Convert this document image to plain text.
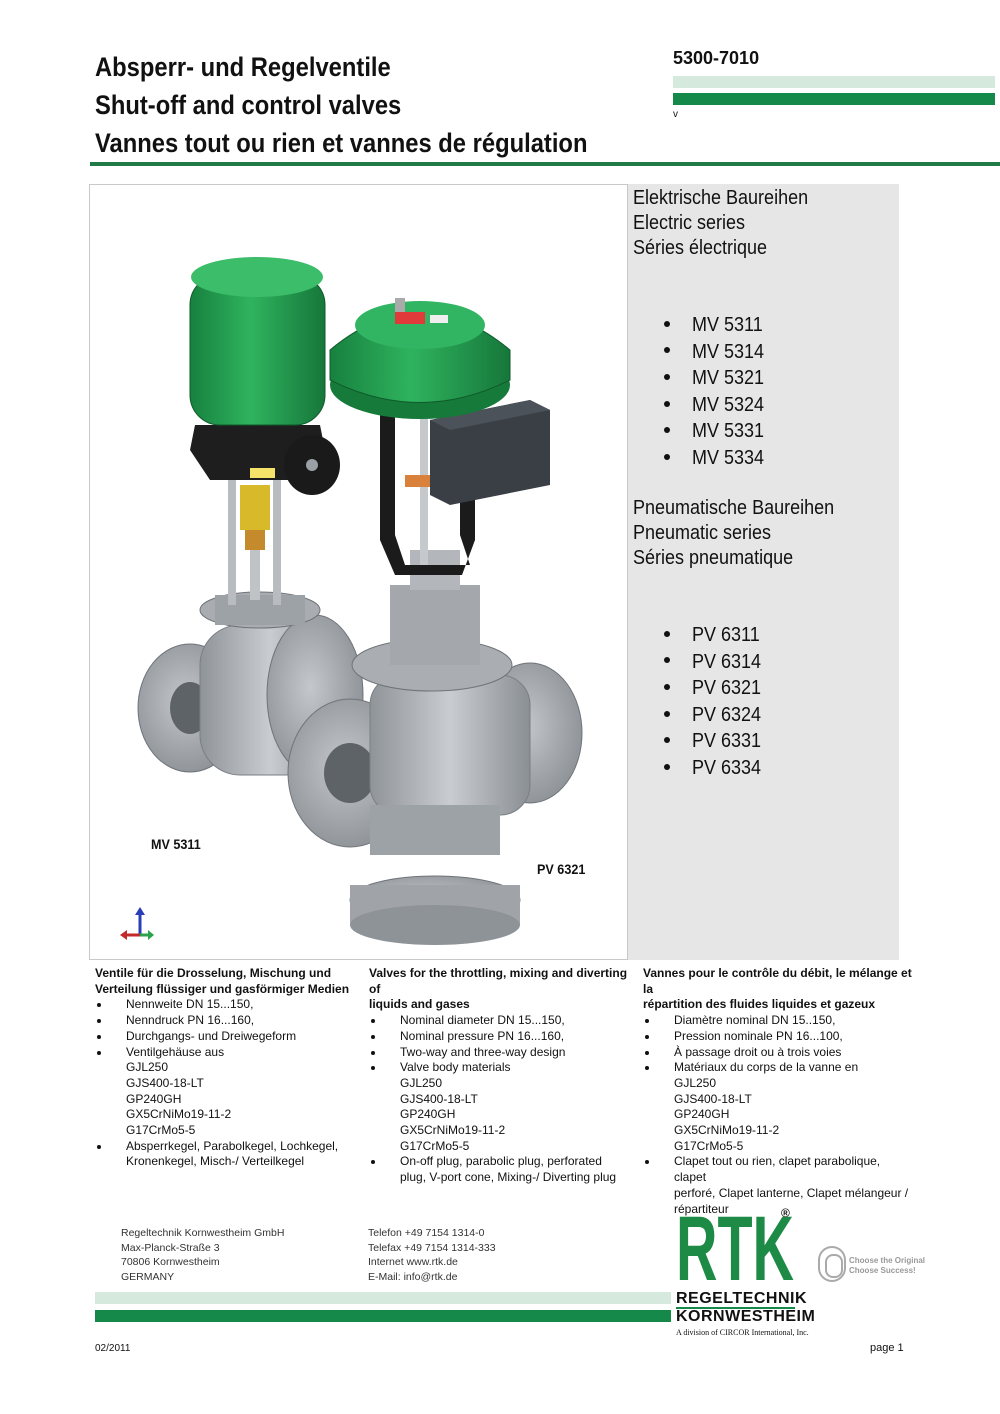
Absperr- und Regelventile
Shut-off and control valves
Vannes tout ou rien et vannes de régulation
5300-7010
v
MV 5311
PV 6321
Elektrische Baureihen
Electric series
Séries électrique
MV 5311
MV 5314
MV 5321
MV 5324
MV 5331
MV 5334
Pneumatische Baureihen
Pneumatic series
Séries pneumatique
PV 6311
PV 6314
PV 6321
PV 6324
PV 6331
PV 6334
Ventile für die Drosselung, Mischung und
Verteilung flüssiger und gasförmiger Medien
Nennweite DN 15...150,
Nenndruck PN 16...160,
Durchgangs- und Dreiwegeform
Ventilgehäuse aus
GJL250
GJS400-18-LT
GP240GH
GX5CrNiMo19-11-2
G17CrMo5-5
Absperrkegel, Parabolkegel, Lochkegel,
Kronenkegel, Misch-/ Verteilkegel
Valves for the throttling, mixing and diverting of
liquids and gases
Nominal diameter DN 15...150,
Nominal pressure PN 16...160,
Two-way and three-way design
Valve body materials
GJL250
GJS400-18-LT
GP240GH
GX5CrNiMo19-11-2
G17CrMo5-5
On-off plug, parabolic plug, perforated
plug, V-port cone, Mixing-/ Diverting plug
Vannes pour le contrôle du débit, le mélange et la
répartition des fluides liquides et gazeux
Diamètre nominal DN 15..150,
Pression nominale PN 16...100,
À passage droit ou à trois voies
Matériaux du corps de la vanne en
GJL250
GJS400-18-LT
GP240GH
GX5CrNiMo19-11-2
G17CrMo5-5
Clapet tout ou rien, clapet parabolique, clapet
perforé, Clapet lanterne, Clapet mélangeur /
répartiteur
Regeltechnik Kornwestheim GmbH
Max-Planck-Straße 3
70806 Kornwestheim
GERMANY
Telefon +49 7154 1314-0
Telefax +49 7154 1314-333
Internet www.rtk.de
E-Mail: info@rtk.de	RTK
®
Choose the Original
Choose Success!
REGELTECHNIK
KORNWESTHEIM
A division of CIRCOR International, Inc.
02/2011	page 1
